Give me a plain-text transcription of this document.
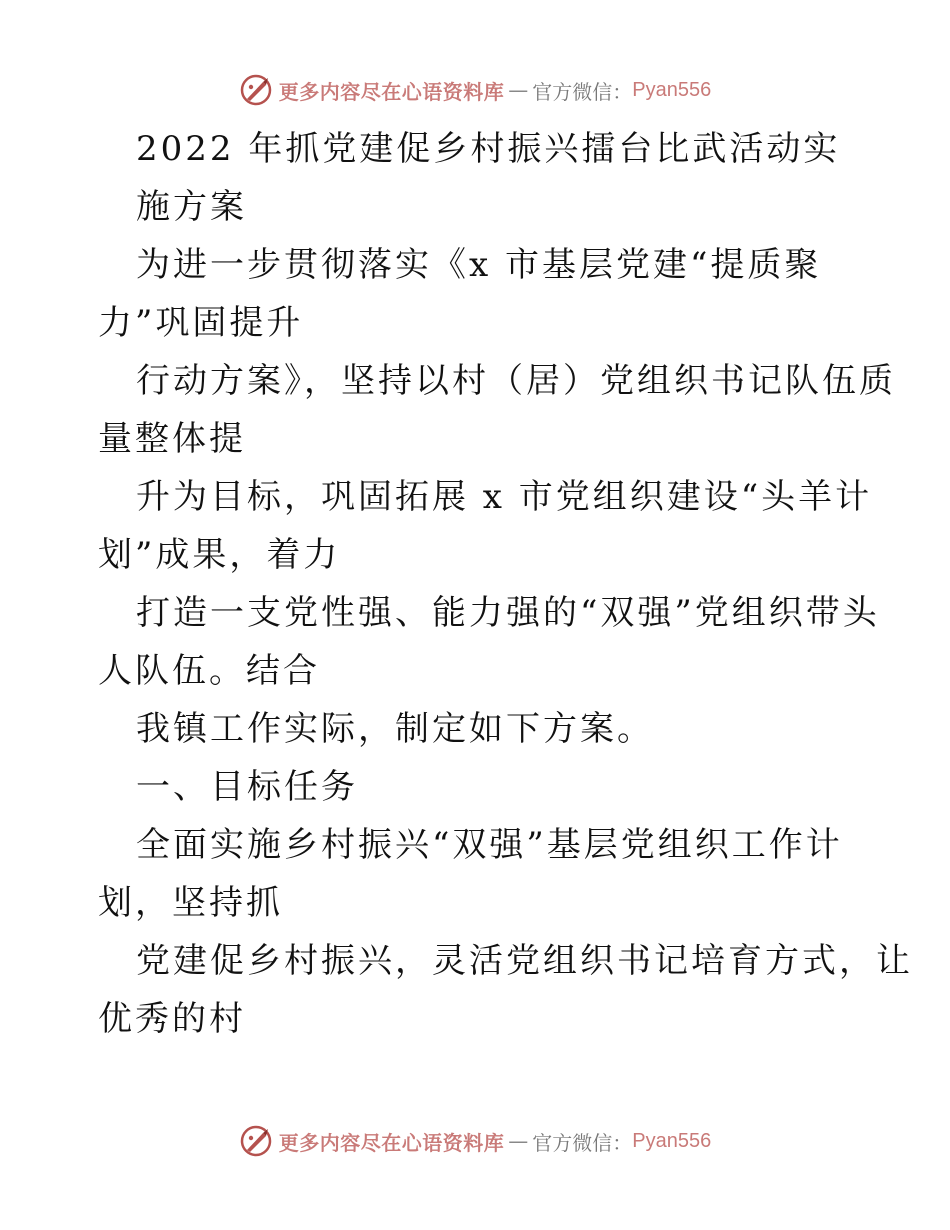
更多内容尽在心语资料库 — 官方微信： Pyan556
2022 年抓党建促乡村振兴擂台比武活动实
施方案
为进一步贯彻落实《x 市基层党建“提质聚
力”巩固提升
行动方案》，坚持以村（居）党组织书记队伍质
量整体提
升为目标，巩固拓展 x 市党组织建设“头羊计
划”成果，着力
打造一支党性强、能力强的“双强”党组织带头
人队伍。结合
我镇工作实际，制定如下方案。
一、目标任务
全面实施乡村振兴“双强”基层党组织工作计
划，坚持抓
党建促乡村振兴，灵活党组织书记培育方式，让
优秀的村
更多内容尽在心语资料库 — 官方微信： Pyan556
